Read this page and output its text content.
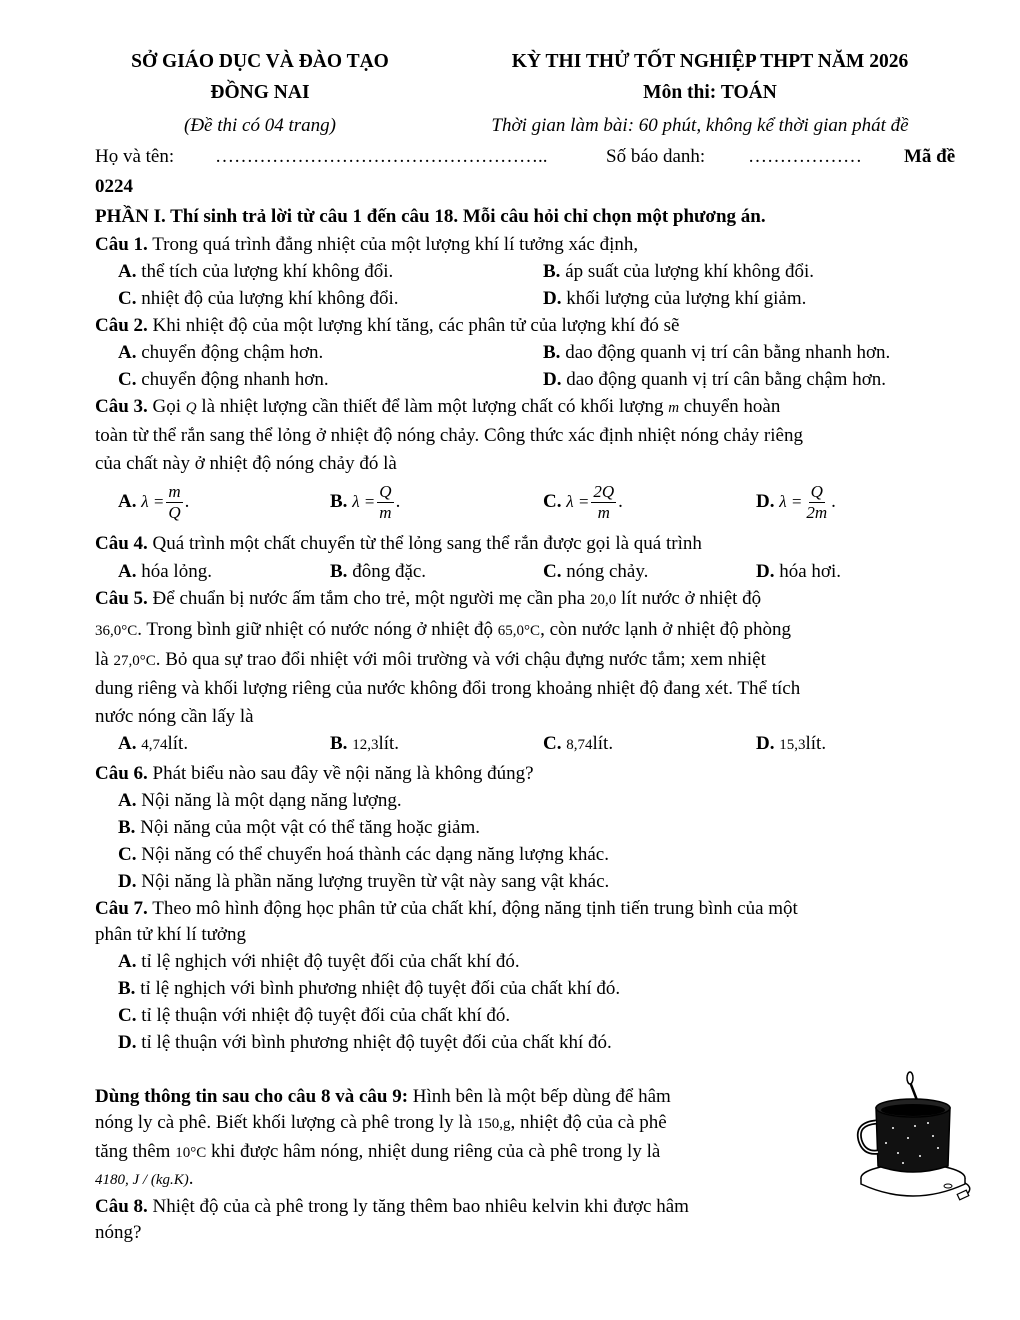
SỞ GIÁO DỤC VÀ ĐÀO TẠO
ĐỒNG NAI
(Đề thi có 04 trang)
KỲ THI THỬ TỐT NGHIỆP THPT NĂM 2026
Môn thi: TOÁN
Thời gian làm bài: 60 phút, không kể thời gian phát đề
Họ và tên: ……………………………………………..	Số báo danh: ……………… Mã đề
0224
PHẦN I. Thí sinh trả lời từ câu 1 đến câu 18. Mỗi câu hỏi chỉ chọn một phương án.
Câu 1. Trong quá trình đẳng nhiệt của một lượng khí lí tưởng xác định,
A. thể tích của lượng khí không đổi.	B. áp suất của lượng khí không đổi.
C. nhiệt độ của lượng khí không đổi.	D. khối lượng của lượng khí giảm.
Câu 2. Khi nhiệt độ của một lượng khí tăng, các phân tử của lượng khí đó sẽ
A. chuyển động chậm hơn.	B. dao động quanh vị trí cân bằng nhanh hơn.
C. chuyển động nhanh hơn.	D. dao động quanh vị trí cân bằng chậm hơn.
Câu 3. Gọi Q là nhiệt lượng cần thiết để làm một lượng chất có khối lượng m chuyển hoàn
toàn từ thể rắn sang thể lỏng ở nhiệt độ nóng chảy. Công thức xác định nhiệt nóng chảy riêng
của chất này ở nhiệt độ nóng chảy đó là
A. $\lambda = \frac{m}{Q}$ .	B. $\lambda = \frac{Q}{m}$ .	C. $\lambda = \frac{2Q}{m}$ .	D. $\lambda = \frac{Q}{2m}$ .
Câu 4. Quá trình một chất chuyển từ thể lỏng sang thể rắn được gọi là quá trình
A. hóa lỏng.	B. đông đặc.	C. nóng chảy.	D. hóa hơi.
Câu 5. Để chuẩn bị nước ấm tắm cho trẻ, một người mẹ cần pha 20,0 lít nước ở nhiệt độ
36,0°C. Trong bình giữ nhiệt có nước nóng ở nhiệt độ 65,0°C, còn nước lạnh ở nhiệt độ phòng
là 27,0°C. Bỏ qua sự trao đổi nhiệt với môi trường và với chậu đựng nước tắm; xem nhiệt
dung riêng và khối lượng riêng của nước không đổi trong khoảng nhiệt độ đang xét. Thể tích
nước nóng cần lấy là
A. 4,74lít.	B. 12,3lít.	C. 8,74lít.	D. 15,3lít.
Câu 6. Phát biểu nào sau đây về nội năng là không đúng?
A. Nội năng là một dạng năng lượng.
B. Nội năng của một vật có thể tăng hoặc giảm.
C. Nội năng có thể chuyển hoá thành các dạng năng lượng khác.
D. Nội năng là phần năng lượng truyền từ vật này sang vật khác.
Câu 7. Theo mô hình động học phân tử của chất khí, động năng tịnh tiến trung bình của một
phân tử khí lí tưởng
A. tỉ lệ nghịch với nhiệt độ tuyệt đối của chất khí đó.
B. tỉ lệ nghịch với bình phương nhiệt độ tuyệt đối của chất khí đó.
C. tỉ lệ thuận với nhiệt độ tuyệt đối của chất khí đó.
D. tỉ lệ thuận với bình phương nhiệt độ tuyệt đối của chất khí đó.
Dùng thông tin sau cho câu 8 và câu 9: Hình bên là một bếp dùng để hâm
nóng ly cà phê. Biết khối lượng cà phê trong ly là 150,g, nhiệt độ của cà phê
tăng thêm 10°C khi được hâm nóng, nhiệt dung riêng của cà phê trong ly là
4180, J / (kg.K).
Câu 8. Nhiệt độ của cà phê trong ly tăng thêm bao nhiêu kelvin khi được hâm
nóng?
